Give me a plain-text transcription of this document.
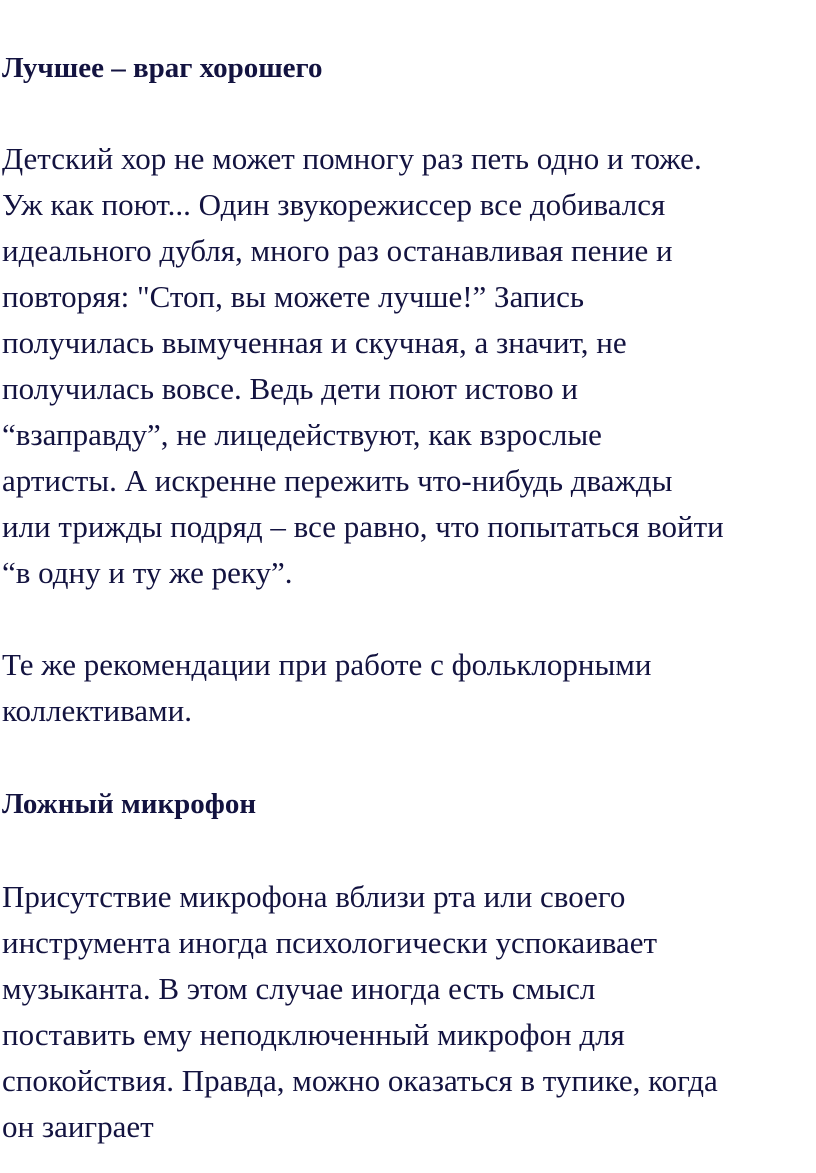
Лучшее – враг хорошего

Детский хор не может помногу раз петь одно и тоже.
Уж как поют... Один звукорежиссер все добивался
идеального дубля, много раз останавливая пение и
повторяя: "Стоп, вы можете лучше!” Запись
получилась вымученная и скучная, а значит, не
получилась вовсе. Ведь дети поют истово и
“взаправду”, не лицедействуют, как взрослые
артисты. А искренне пережить что-нибудь дважды
или трижды подряд – все равно, что попытаться войти
“в одну и ту же реку”.

Те же рекомендации при работе с фольклорными
коллективами.

Ложный микрофон

Присутствие микрофона вблизи рта или своего
инструмента иногда психологически успокаивает
музыканта. В этом случае иногда есть смысл
поставить ему неподключенный микрофон для
спокойствия. Правда, можно оказаться в тупике, когда
он заиграет
